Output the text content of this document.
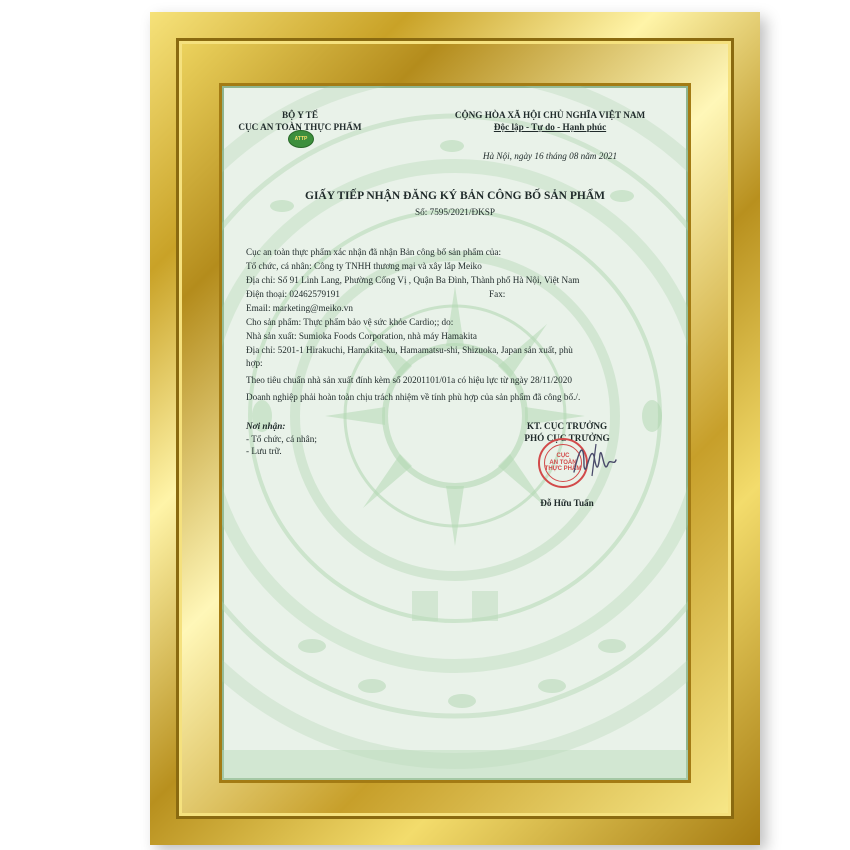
ATTP
BỘ Y TẾ
CỤC AN TOÀN THỰC PHẨM
CỘNG HÒA XÃ HỘI CHỦ NGHĨA VIỆT NAM
Độc lập - Tự do - Hạnh phúc
Hà Nội, ngày 16 tháng 08 năm 2021
GIẤY TIẾP NHẬN ĐĂNG KÝ BẢN CÔNG BỐ SẢN PHẨM
Số: 7595/2021/ĐKSP
Cục an toàn thực phẩm xác nhận đã nhận Bản công bố sản phẩm của:
Tổ chức, cá nhân: Công ty TNHH thương mại và xây lắp Meiko
Địa chỉ: Số 91 Linh Lang, Phường Cống Vị , Quận Ba Đình, Thành phố Hà Nội, Việt Nam
Điện thoại: 02462579191	Fax:
Email: marketing@meiko.vn
Cho sản phẩm: Thực phẩm bảo vệ sức khỏe Cardio;; do:
Nhà sản xuất: Sumioka Foods Corporation, nhà máy Hamakita
Địa chỉ: 5201-1 Hirakuchi, Hamakita-ku, Hamamatsu-shi, Shizuoka, Japan sản xuất, phù
hợp:
Theo tiêu chuẩn nhà sản xuất đính kèm số 20201101/01a có hiệu lực từ ngày 28/11/2020
Doanh nghiệp phải hoàn toàn chịu trách nhiệm về tính phù hợp của sản phẩm đã công bố./.
Nơi nhận:
- Tổ chức, cá nhân;
- Lưu trữ.
KT. CỤC TRƯỞNG
PHÓ CỤC TRƯỞNG
CỤC
AN TOÀN
THỰC PHẨM
Đỗ Hữu Tuấn
